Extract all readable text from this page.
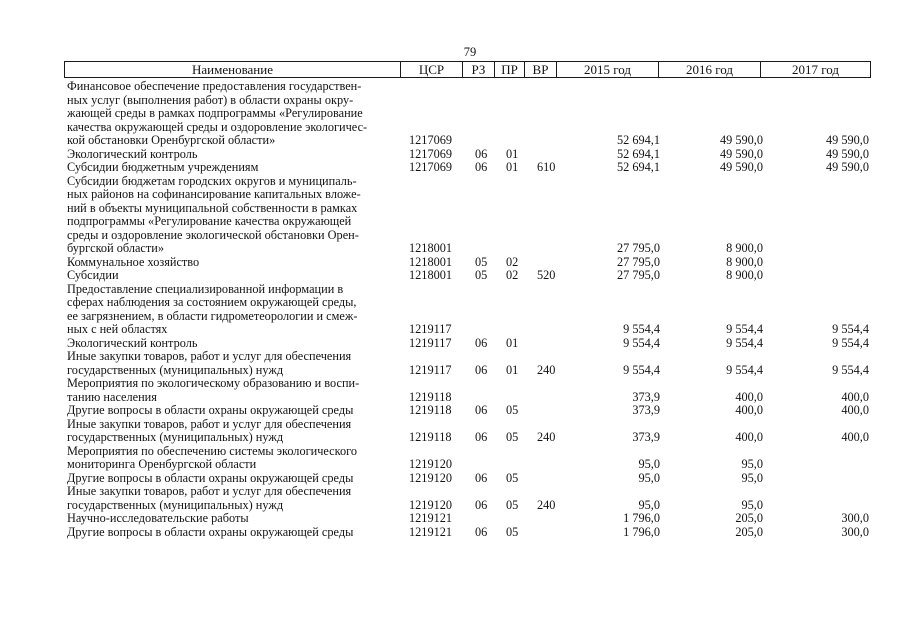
79
Наименование	ЦСР	РЗ	ПР	ВР	2015 год	2016 год	2017 год
Финансовое обеспечение предоставления государствен-
ных услуг (выполнения работ) в области охраны окру-
жающей среды в рамках подпрограммы «Регулирование
качества окружающей среды и оздоровление экологичес-
кой обстановки Оренбургской области»	1217069	52 694,1	49 590,0	49 590,0
Экологический контроль	1217069 06 01	52 694,1	49 590,0	49 590,0
Субсидии бюджетным учреждениям	1217069 06 01 610	52 694,1	49 590,0	49 590,0
Субсидии бюджетам городских округов и муниципаль-
ных районов на софинансирование капитальных вложе-
ний в объекты муниципальной собственности в рамках
подпрограммы «Регулирование качества окружающей
среды и оздоровление экологической обстановки Орен-
бургской области»	1218001	27 795,0	8 900,0
Коммунальное хозяйство	1218001 05 02	27 795,0	8 900,0
Субсидии	1218001 05 02 520	27 795,0	8 900,0
Предоставление специализированной информации в
сферах наблюдения за состоянием окружающей среды,
ее загрязнением, в области гидрометеорологии и смеж-
ных с ней областях	1219117	9 554,4	9 554,4	9 554,4
Экологический контроль	1219117 06 01	9 554,4	9 554,4	9 554,4
Иные закупки товаров, работ и услуг для обеспечения
государственных (муниципальных) нужд	1219117 06 01 240	9 554,4	9 554,4	9 554,4
Мероприятия по экологическому образованию и воспи-
танию населения	1219118	373,9	400,0	400,0
Другие вопросы в области охраны окружающей среды	1219118 06 05	373,9	400,0	400,0
Иные закупки товаров, работ и услуг для обеспечения
государственных (муниципальных) нужд	1219118 06 05 240	373,9	400,0	400,0
Мероприятия по обеспечению системы экологического
мониторинга Оренбургской области	1219120	95,0	95,0
Другие вопросы в области охраны окружающей среды	1219120 06 05	95,0	95,0
Иные закупки товаров, работ и услуг для обеспечения
государственных (муниципальных) нужд	1219120 06 05 240	95,0	95,0
Научно-исследовательские работы	1219121	1 796,0	205,0	300,0
Другие вопросы в области охраны окружающей среды	1219121 06 05	1 796,0	205,0	300,0
